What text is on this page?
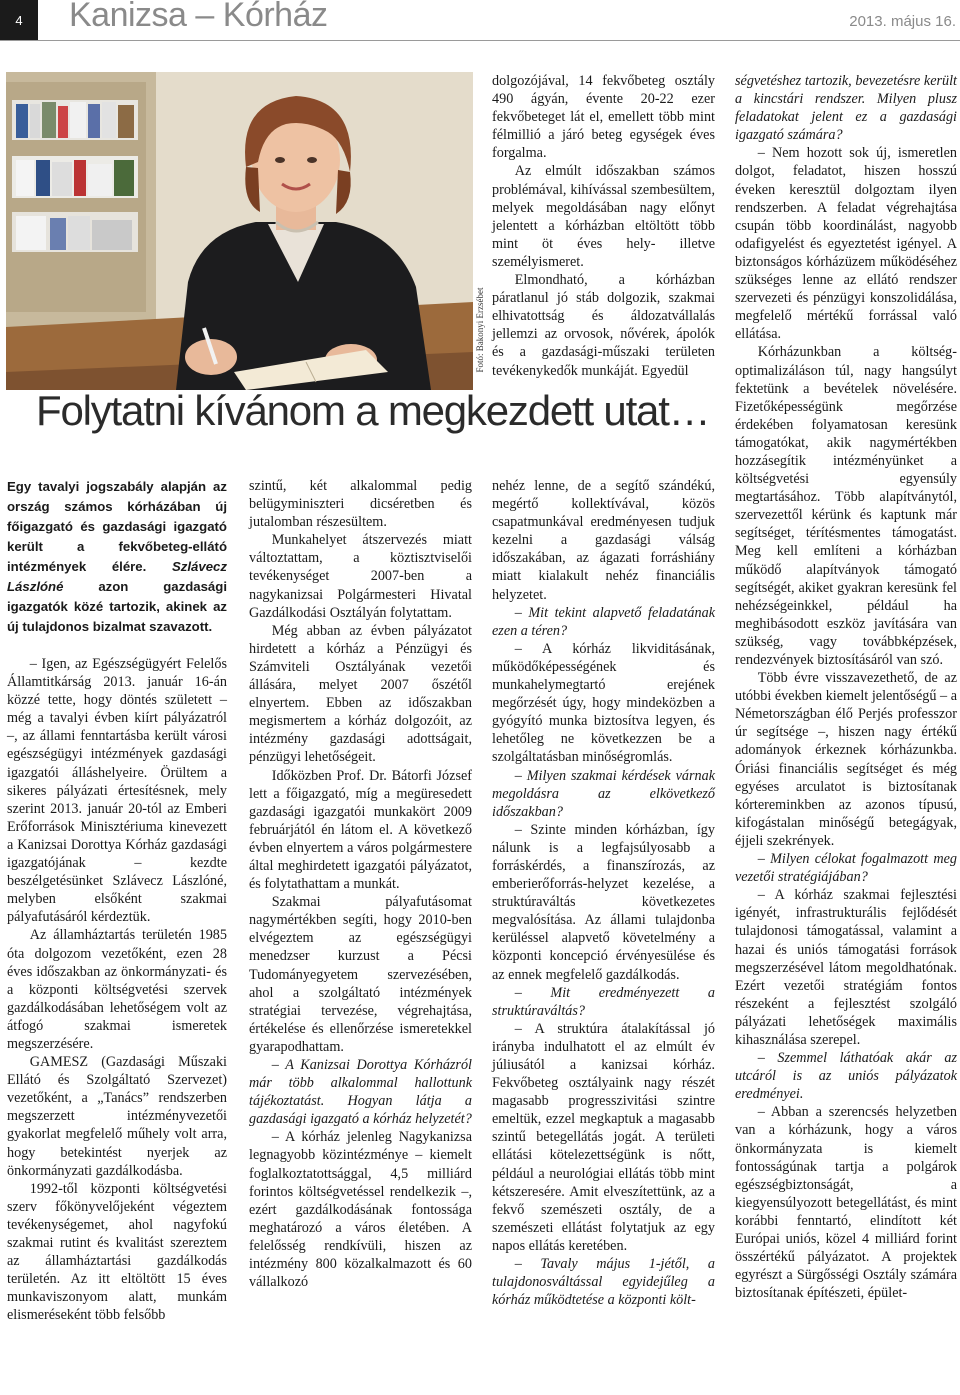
4	Kanizsa – Kórház	2013. május 16.
Fotó: Bakonyi Erzsébet
Folytatni kívánom a megkezdett utat…

Egy tavalyi jogszabály alapján az ország számos kórházában új főigazgató és gazdasági igazgató került a fekvőbeteg-ellátó intézmények élére. Szlávecz Lászlóné	azon gazdasági igazgatók közé tartozik, akinek az új tulajdonos bizalmat szavazott.

– Igen, az Egészségügyért Felelős Államtitkárság 2013. január 16-án közzé tette, hogy döntés született – még a tavalyi évben kiírt pályázatról –, az állami fenntartásba került városi egészségügyi intézmények gazdasági igazgatói álláshelyeire. Örültem a sikeres pályázati értesítésnek, mely szerint 2013. január 20-tól az Emberi Erőforrások Minisztériuma kinevezett a Kanizsai Dorottya Kórház gazdasági igazgatójának – kezdte beszélgetésünket Szlávecz Lászlóné, melyben elsőként szakmai pályafutásáról kérdeztük.

Az államháztartás területén 1985 óta dolgozom vezetőként, ezen 28 éves időszakban az önkormányzati- és a központi költségvetési szervek gazdálkodásában lehetőségem volt az átfogó szakmai ismeretek megszerzésére.

GAMESZ (Gazdasági Műszaki Ellátó és Szolgáltató Szervezet) vezetőként, a „Tanács” rendszerben megszerzett intézményvezetői gyakorlat megfelelő műhely volt arra, hogy betekintést nyerjek az önkormányzati gazdálkodásba.

1992-től központi költségvetési szerv főkönyvelőjeként végeztem tevékenységemet, ahol nagyfokú szakmai rutint és kvalitást szereztem az államháztartási gazdálkodás területén. Az itt eltöltött 15 éves munkaviszonyom alatt, munkám elismeréseként több felsőbb

szintű, két alkalommal pedig belügyminiszteri dicséretben és jutalomban részesültem.

Munkahelyet átszervezés miatt változtattam, a köztisztviselői tevékenységet 2007-ben a nagykanizsai Polgármesteri Hivatal Gazdálkodási Osztályán folytattam.

Még abban az évben pályázatot hirdetett a kórház a Pénzügyi és Számviteli Osztályának vezetői állására, melyet 2007 őszétől elnyertem. Ebben az időszakban megismertem a kórház dolgozóit, az intézmény gazdasági adottságait, pénzügyi lehetőségeit.

Időközben Prof. Dr. Bátorfi József lett a főigazgató, míg a megüresedett gazdasági igazgatói munkakört 2009 februárjától én látom el. A következő évben elnyertem a város polgármestere által meghirdetett igazgatói pályázatot, és folytathattam a munkát.

Szakmai pályafutásomat nagymértékben segíti, hogy 2010-ben elvégeztem az egészségügyi menedzser kurzust a Pécsi Tudományegyetem szervezésében, ahol a szolgáltató intézmények stratégiai tervezése, végrehajtása, értékelése és ellenőrzése ismeretekkel gyarapodhattam.

– A Kanizsai Dorottya Kórházról már több alkalommal hallottunk tájékoztatást. Hogyan látja a gazdasági igazgató a kórház helyzetét?

– A kórház jelenleg Nagykanizsa legnagyobb közintézménye – kiemelt foglalkoztatottsággal, 4,5 milliárd forintos költségvetéssel rendelkezik –, ezért gazdálkodásának fontossága meghatározó a város életében. A felelősség rendkívüli, hiszen az intézmény 800 közalkalmazott és 60 vállalkozó

dolgozójával, 14 fekvőbeteg osztály 490 ágyán, évente 20-22 ezer fekvőbeteget lát el, emellett több mint félmillió a járó beteg egységek éves forgalma.

Az elmúlt időszakban számos problémával, kihívással szembesültem, melyek megoldásában nagy előnyt jelentett a kórházban eltöltött több mint öt éves hely- illetve személyismeret.

Elmondható, a kórházban páratlanul jó stáb dolgozik, szakmai elhivatottság és áldozatvállalás jellemzi az orvosok, nővérek, ápolók és a gazdasági-műszaki területen tevékenykedők munkáját. Egyedül

nehéz lenne, de a segítő szándékú, megértő kollektívával, közös csapatmunkával eredményesen tudjuk kezelni a gazdasági válság időszakában, az ágazati forráshiány miatt kialakult nehéz financiális helyzetet.

– Mit tekint alapvető feladatának ezen a téren?

– A kórház likviditásának, működőképességének és munkahelymegtartó erejének megőrzését úgy, hogy mindeközben a gyógyító munka biztosítva legyen, és lehetőleg ne következzen be a szolgáltatásban minőségromlás.

– Milyen szakmai kérdések várnak megoldásra az elkövetkező időszakban?

– Szinte minden kórházban, így nálunk is a legfajsúlyosabb a forráskérdés, a finanszírozás, az emberierőforrás-helyzet kezelése, a struktúraváltás következetes megvalósítása. Az állami tulajdonba kerüléssel alapvető követelmény a központi koncepció érvényesülése és az ennek megfelelő gazdálkodás.

– Mit eredményezett a struktúraváltás?

– A struktúra átalakítással jó irányba indulhatott el az elmúlt év júliusától a kanizsai kórház. Fekvőbeteg osztályaink nagy részét magasabb progresszivitási szintre emeltük, ezzel megkaptuk a magasabb szintű betegellátás jogát. A területi ellátási kötelezettségünk is nőtt, például a neurológiai ellátás több mint kétszeresére. Amit elveszítettünk, az a fekvő szemészeti osztály, de a szemészeti ellátást folytatjuk az egy napos ellátás keretében.

– Tavaly május 1-jétől, a tulajdonosváltással egyidejűleg a kórház működtetése a központi költ-

ségvetéshez tartozik, bevezetésre került a kincstári rendszer. Milyen plusz feladatokat jelent ez a gazdasági igazgató számára?

– Nem hozott sok új, ismeretlen dolgot, feladatot, hiszen hosszú éveken keresztül dolgoztam ilyen rendszerben. A feladat végrehajtása csupán több koordinálást, nagyobb odafigyelést és egyeztetést igényel. A biztonságos kórházüzem működéséhez szükséges lenne az ellátó rendszer szervezeti és pénzügyi konszolidálása, megfelelő mértékű forrással való ellátása.

Kórházunkban a költség-optimalizáláson túl, nagy hangsúlyt fektetünk a bevételek növelésére. Fizetőképességünk megőrzése érdekében folyamatosan keresünk támogatókat, akik nagymértékben hozzásegítik intézményünket a költségvetési egyensúly megtartásához. Több alapítványtól, szervezettől kérünk és kaptunk már segítséget, térítésmentes támogatást. Meg kell említeni a kórházban működő alapítványok támogató segítségét, akiket gyakran keresünk fel nehézségeinkkel, például ha meghibásodott eszköz javítására van szükség, vagy továbbképzések, rendezvények biztosításáról van szó.

Több évre visszavezethető, de az utóbbi években kiemelt jelentőségű – a Németországban élő Perjés professzor úr segítsége –, hiszen nagy értékű adományok érkeznek kórházunkba. Óriási financiális segítséget és még egyéses arculatot is biztosítanak kórtereminkben az azonos típusú, kifogástalan minőségű betegágyak, éjjeli szekrények.

– Milyen célokat fogalmazott meg vezetői stratégiájában?

– A kórház szakmai fejlesztési igényét, infrastrukturális fejlődését tulajdonosi támogatással, valamint a hazai és uniós támogatási források megszerzésével látom megoldhatónak. Ezért vezetői stratégiám fontos részeként a fejlesztést szolgáló pályázati lehetőségek maximális kihasználása szerepel.

– Szemmel láthatóak akár az utcáról is az uniós pályázatok eredményei.

– Abban a szerencsés helyzetben van a kórházunk, hogy a város önkormányzata is kiemelt fontosságúnak tartja a polgárok egészségbiztonságát, a kiegyensúlyozott betegellátást, és mint korábbi fenntartó, elindított két Európai uniós, közel 4 milliárd forint összértékű pályázatot. A projektek egyrészt a Sürgősségi Osztály számára biztosítanak építészeti, épület-
